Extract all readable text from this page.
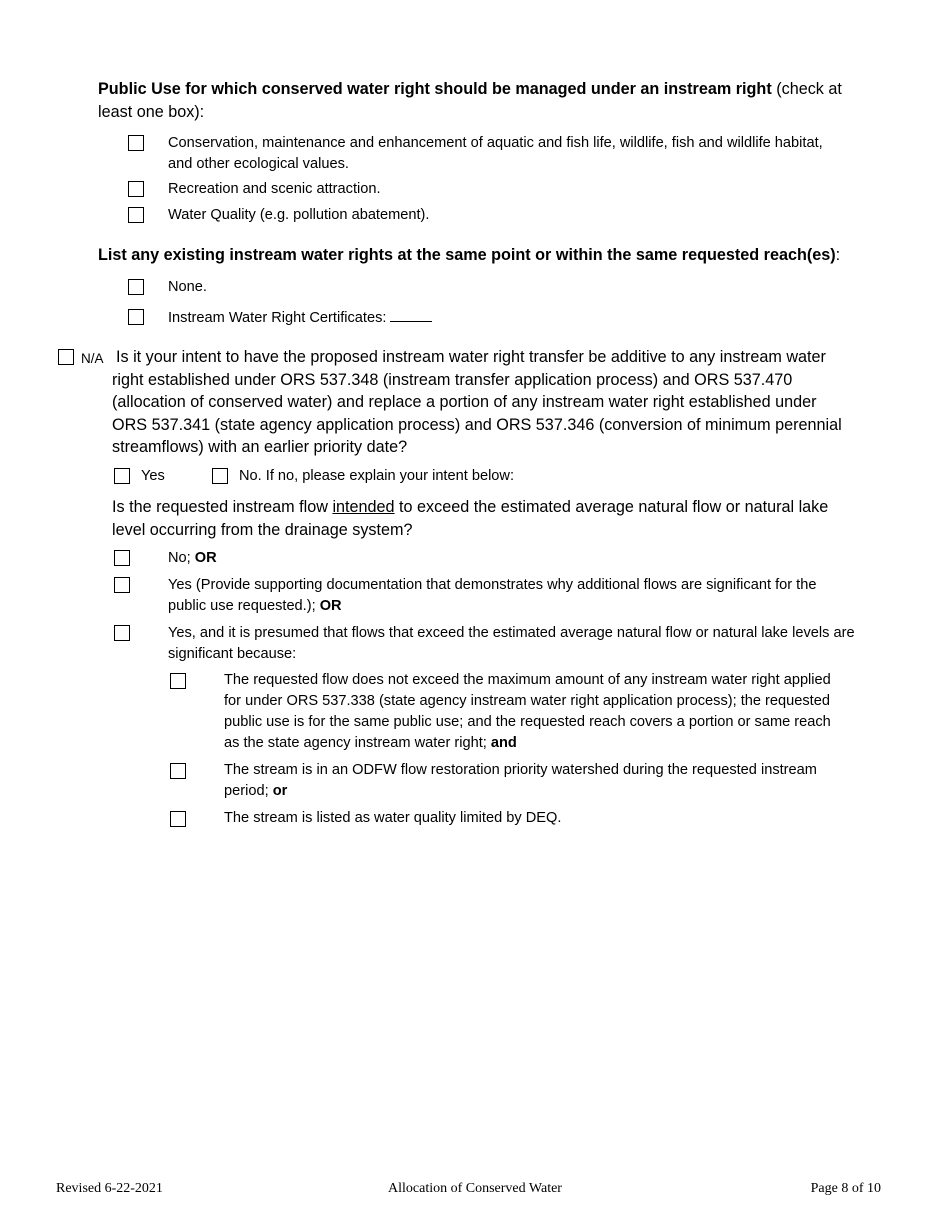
Public Use for which conserved water right should be managed under an instream right (check at least one box):
Conservation, maintenance and enhancement of aquatic and fish life, wildlife, fish and wildlife habitat, and other ecological values.
Recreation and scenic attraction.
Water Quality (e.g. pollution abatement).
List any existing instream water rights at the same point or within the same requested reach(es):
None.
Instream Water Right Certificates:
N/A Is it your intent to have the proposed instream water right transfer be additive to any instream water right established under ORS 537.348 (instream transfer application process) and ORS 537.470 (allocation of conserved water) and replace a portion of any instream water right established under ORS 537.341 (state agency application process) and ORS 537.346 (conversion of minimum perennial streamflows) with an earlier priority date?
Yes	No. If no, please explain your intent below:
Is the requested instream flow intended to exceed the estimated average natural flow or natural lake level occurring from the drainage system?
No; OR
Yes (Provide supporting documentation that demonstrates why additional flows are significant for the public use requested.); OR
Yes, and it is presumed that flows that exceed the estimated average natural flow or natural lake levels are significant because:
The requested flow does not exceed the maximum amount of any instream water right applied for under ORS 537.338 (state agency instream water right application process); the requested public use is for the same public use; and the requested reach covers a portion or same reach as the state agency instream water right; and
The stream is in an ODFW flow restoration priority watershed during the requested instream period; or
The stream is listed as water quality limited by DEQ.
Revised 6-22-2021	Allocation of Conserved Water	Page 8 of 10
